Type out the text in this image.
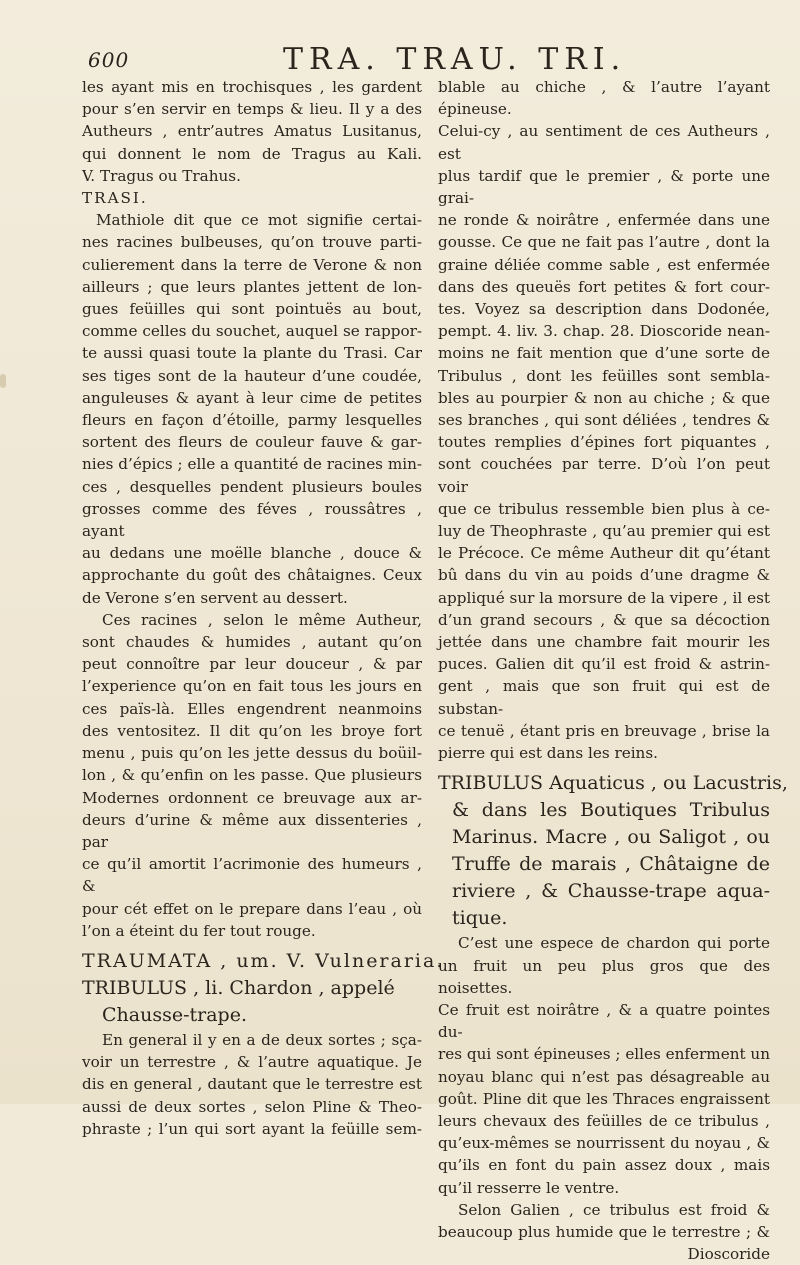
600	TRA. TRAU. TRI.
les ayant mis en trochisques , les gardent
pour s’en servir en temps & lieu. Il y a des
Autheurs , entr’autres Amatus Lusitanus,
qui donnent le nom de Tragus au Kali.
V. Tragus ou Trahus.
TRASI.
Mathiole dit que ce mot signifie certai-
nes racines bulbeuses, qu’on trouve parti-
culierement dans la terre de Verone & non
ailleurs ; que leurs plantes jettent de lon-
gues feüilles qui sont pointuës au bout,
comme celles du souchet, auquel se rappor-
te aussi quasi toute la plante du Trasi. Car
ses tiges sont de la hauteur d’une coudée,
anguleuses & ayant à leur cime de petites
fleurs en façon d’étoille, parmy lesquelles
sortent des fleurs de couleur fauve & gar-
nies d’épics ; elle a quantité de racines min-
ces , desquelles pendent plusieurs boules
grosses comme des féves , roussâtres , ayant
au dedans une moëlle blanche , douce &
approchante du goût des châtaignes. Ceux
de Verone s’en servent au dessert.
Ces racines , selon le même Autheur,
sont chaudes & humides , autant qu’on
peut connoître par leur douceur , & par
l’experience qu’on en fait tous les jours en
ces païs-là. Elles engendrent neanmoins
des ventositez. Il dit qu’on les broye fort
menu , puis qu’on les jette dessus du boüil-
lon , & qu’enfin on les passe. Que plusieurs
Modernes ordonnent ce breuvage aux ar-
deurs d’urine & même aux dissenteries , par
ce qu’il amortit l’acrimonie des humeurs , &
pour cét effet on le prepare dans l’eau , où
l’on a éteint du fer tout rouge.
TRAUMATA , um. V. Vulneraria.
TRIBULUS , li. Chardon , appelé
Chausse-trape.
En general il y en a de deux sortes ; sça-
voir un terrestre , & l’autre aquatique. Je
dis en general , dautant que le terrestre est
aussi de deux sortes , selon Pline & Theo-
phraste ; l’un qui sort ayant la feüille sem-
blable au chiche , & l’autre l’ayant épineuse.
Celui-cy , au sentiment de ces Autheurs , est
plus tardif que le premier , & porte une grai-
ne ronde & noirâtre , enfermée dans une
gousse. Ce que ne fait pas l’autre , dont la
graine déliée comme sable , est enfermée
dans des queuës fort petites & fort cour-
tes. Voyez sa description dans Dodonée,
pempt. 4. liv. 3. chap. 28. Dioscoride nean-
moins ne fait mention que d’une sorte de
Tribulus , dont les feüilles sont sembla-
bles au pourpier & non au chiche ; & que
ses branches , qui sont déliées , tendres &
toutes remplies d’épines fort piquantes ,
sont couchées par terre. D’où l’on peut voir
que ce tribulus ressemble bien plus à ce-
luy de Theophraste , qu’au premier qui est
le Précoce. Ce même Autheur dit qu’étant
bû dans du vin au poids d’une dragme &
appliqué sur la morsure de la vipere , il est
d’un grand secours , & que sa décoction
jettée dans une chambre fait mourir les
puces. Galien dit qu’il est froid & astrin-
gent , mais que son fruit qui est de substan-
ce tenuë , étant pris en breuvage , brise la
pierre qui est dans les reins.
TRIBULUS Aquaticus , ou Lacustris,
& dans les Boutiques Tribulus
Marinus. Macre , ou Saligot , ou
Truffe de marais , Châtaigne de
riviere , & Chausse-trape aqua-
tique.
C’est une espece de chardon qui porte
un fruit un peu plus gros que des noisettes.
Ce fruit est noirâtre , & a quatre pointes du-
res qui sont épineuses ; elles enferment un
noyau blanc qui n’est pas désagreable au
goût. Pline dit que les Thraces engraissent
leurs chevaux des feüilles de ce tribulus ,
qu’eux-mêmes se nourrissent du noyau , &
qu’ils en font du pain assez doux , mais
qu’il resserre le ventre.
Selon Galien , ce tribulus est froid &
beaucoup plus humide que le terrestre ; &
Dioscoride
